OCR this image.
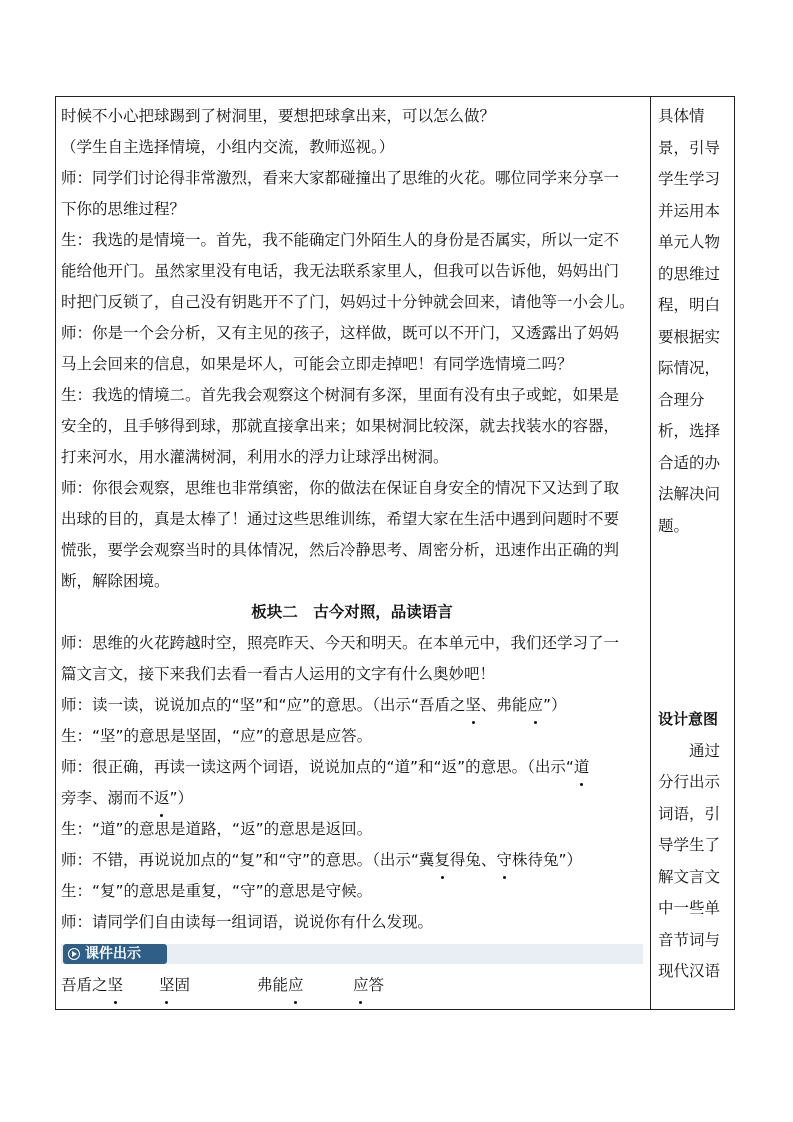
时候不小心把球踢到了树洞里，要想把球拿出来，可以怎么做？
（学生自主选择情境，小组内交流，教师巡视。）
师：同学们讨论得非常激烈，看来大家都碰撞出了思维的火花。哪位同学来分享一
下你的思维过程？
生：我选的是情境一。首先，我不能确定门外陌生人的身份是否属实，所以一定不
能给他开门。虽然家里没有电话，我无法联系家里人，但我可以告诉他，妈妈出门
时把门反锁了，自己没有钥匙开不了门，妈妈过十分钟就会回来，请他等一小会儿。
师：你是一个会分析，又有主见的孩子，这样做，既可以不开门，又透露出了妈妈
马上会回来的信息，如果是坏人，可能会立即走掉吧！有同学选情境二吗？
生：我选的情境二。首先我会观察这个树洞有多深，里面有没有虫子或蛇，如果是
安全的，且手够得到球，那就直接拿出来；如果树洞比较深，就去找装水的容器，
打来河水，用水灌满树洞，利用水的浮力让球浮出树洞。
师：你很会观察，思维也非常缜密，你的做法在保证自身安全的情况下又达到了取
出球的目的，真是太棒了！通过这些思维训练，希望大家在生活中遇到问题时不要
慌张，要学会观察当时的具体情况，然后冷静思考、周密分析，迅速作出正确的判
断，解除困境。
板块二　古今对照，品读语言
师：思维的火花跨越时空，照亮昨天、今天和明天。在本单元中，我们还学习了一
篇文言文，接下来我们去看一看古人运用的文字有什么奥妙吧！
师：读一读，说说加点的“坚”和“应”的意思。（出示“吾盾之坚、弗能应”）
生：“坚”的意思是坚固，“应”的意思是应答。
师：很正确，再读一读这两个词语，说说加点的“道”和“返”的意思。（出示“道
旁李、溺而不返”）
生：“道”的意思是道路，“返”的意思是返回。
师：不错，再说说加点的“复”和“守”的意思。（出示“冀复得兔、守株待兔”）
生：“复”的意思是重复，“守”的意思是守候。
师：请同学们自由读每一组词语，说说你有什么发现。
课件出示
吾盾之坚 坚固	弗能应	应答
具体情
景，引导
学生学习
并运用本
单元人物
的思维过
程，明白
要根据实
际情况，
合理分
析，选择
合适的办
法解决问
题。
设计意图
通过
分行出示
词语，引
导学生了
解文言文
中一些单
音节词与
现代汉语
